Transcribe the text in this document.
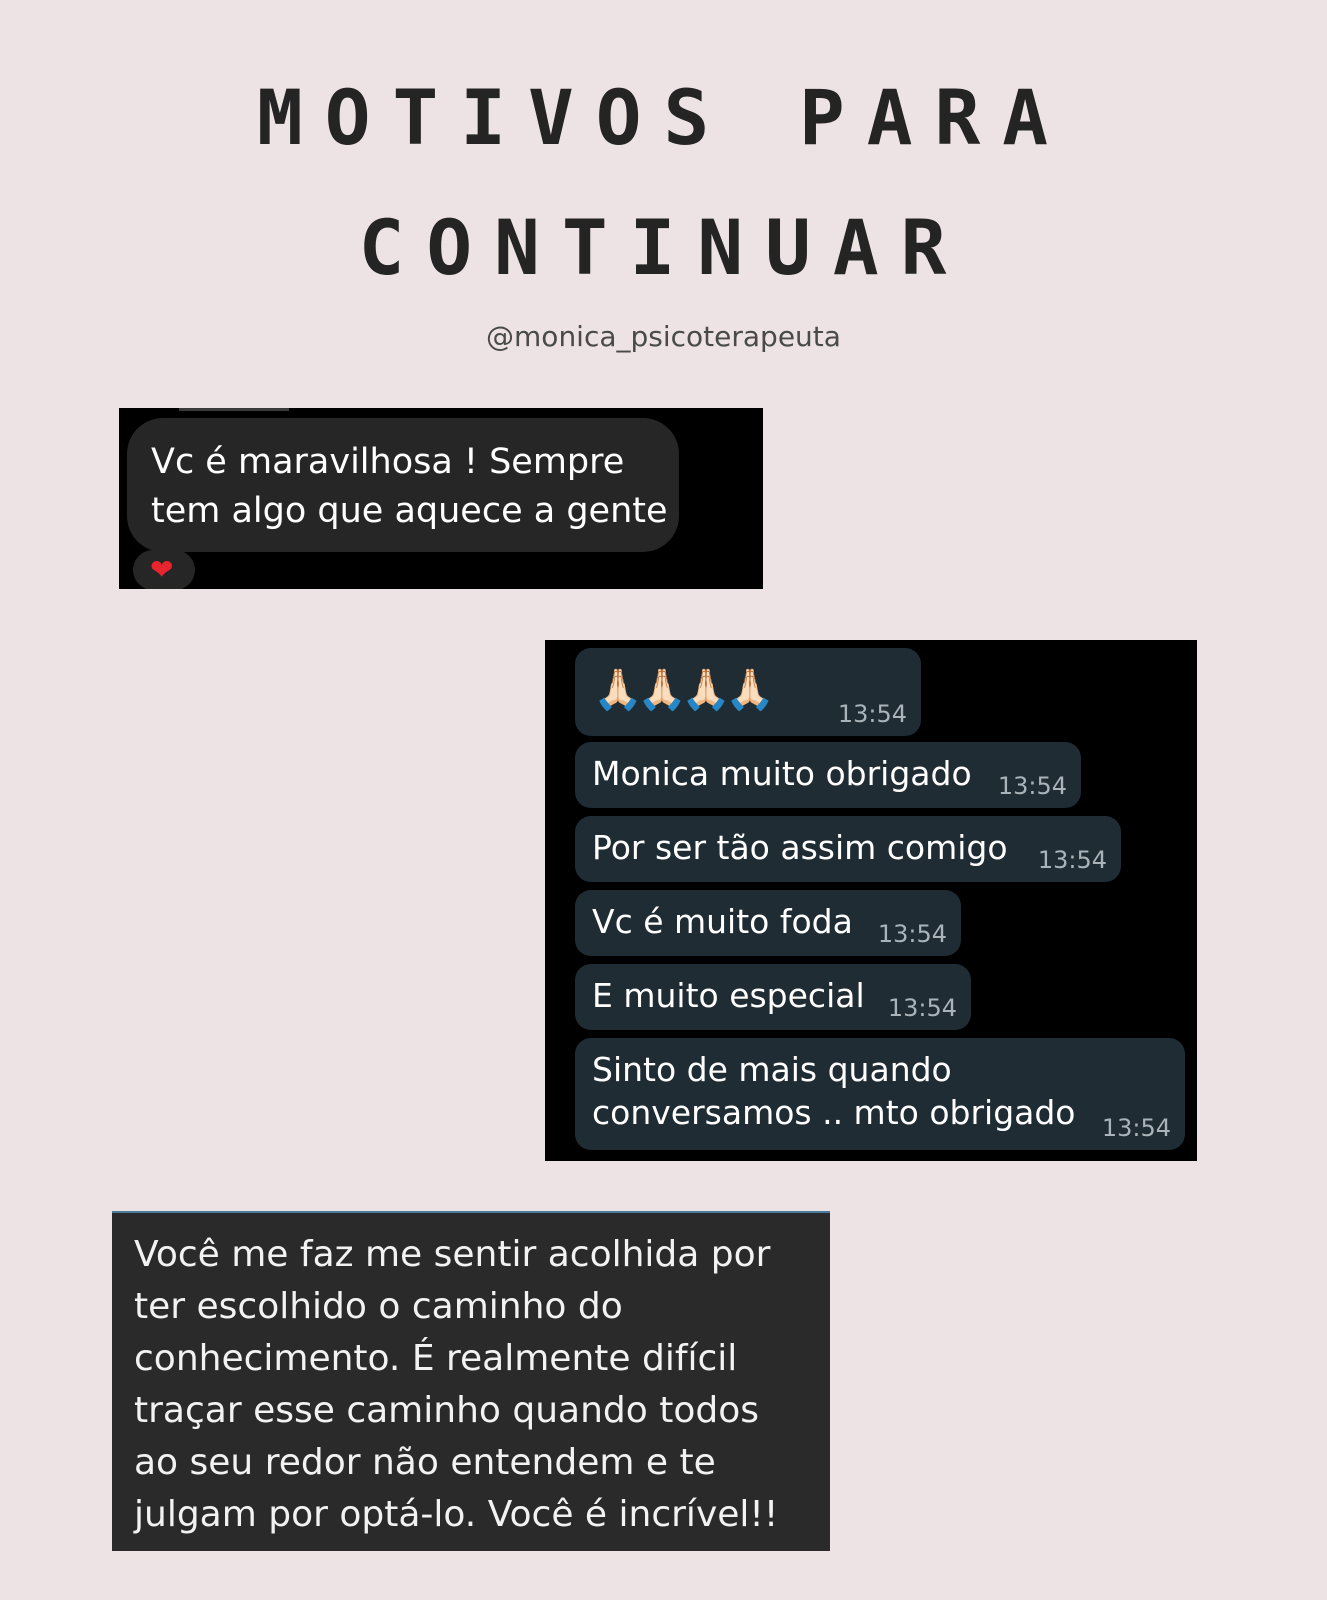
MOTIVOS PARA
CONTINUAR
@monica_psicoterapeuta
Vc é maravilhosa ! Sempre
tem algo que aquece a gente
❤
🙏🏻🙏🏻🙏🏻🙏🏻
13:54
Monica muito obrigado 13:54
Por ser tão assim comigo 13:54
Vc é muito foda 13:54
E muito especial 13:54
Sinto de mais quando
conversamos .. mto obrigado 13:54
Você me faz me sentir acolhida por
ter escolhido o caminho do
conhecimento. É realmente difícil
traçar esse caminho quando todos
ao seu redor não entendem e te
julgam por optá-lo. Você é incrível!!
